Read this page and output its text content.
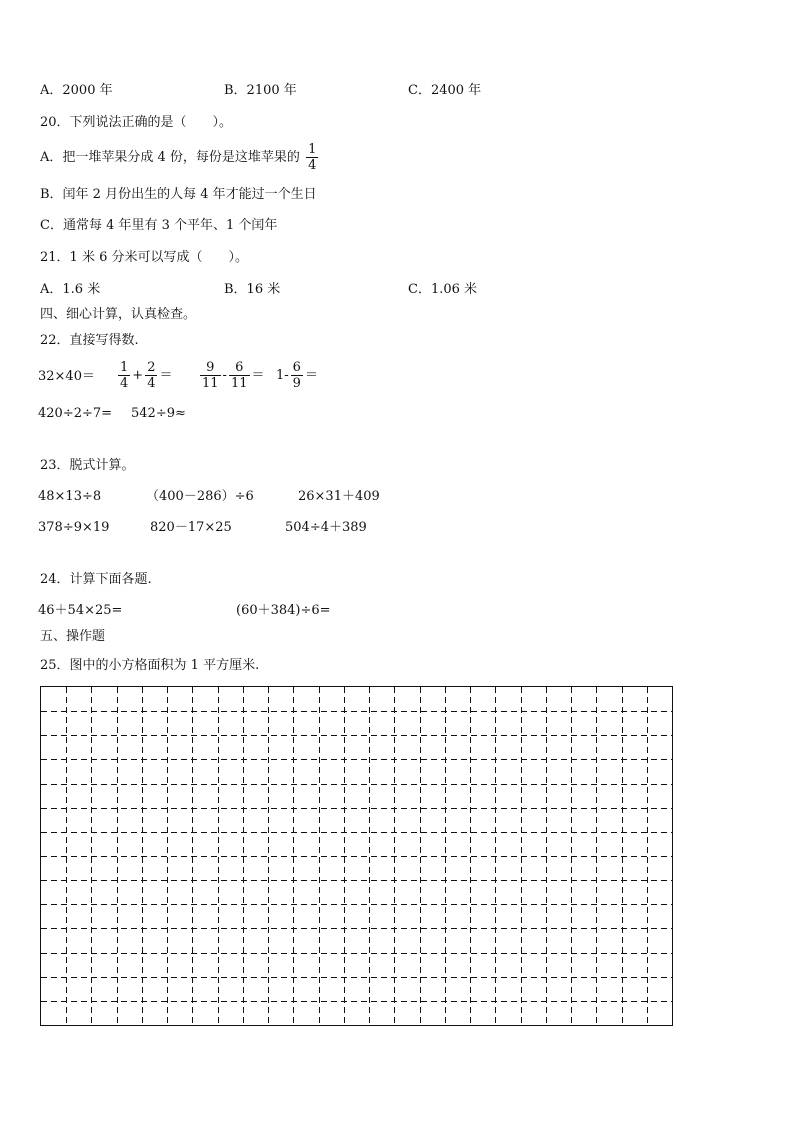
A．2000 年	B．2100 年	C．2400 年
20．下列说法正确的是（　　）。
A．把一堆苹果分成 4 份，每份是这堆苹果的 $\frac{1}{4}$
B．闰年 2 月份出生的人每 4 年才能过一个生日
C．通常每 4 年里有 3 个平年、1 个闰年
21．1 米 6 分米可以写成（　　）。
A．1.6 米	B．16 米	C．1.06 米
四、细心计算，认真检查。
22．直接写得数.
$32\times 40= \frac{1}{4} + \frac{2}{4} = \frac{9}{11} - \frac{6}{11} = 1- \frac{6}{9}$ ＝
420÷2÷7= 542÷9≈
23．脱式计算。
48×13÷8	（400－286）÷6	26×31＋409
378÷9×19	820－17×25	504÷4＋389
24．计算下面各题.
46＋54×25=	(60＋384)÷6=
五、操作题
25．图中的小方格面积为 1 平方厘米.
